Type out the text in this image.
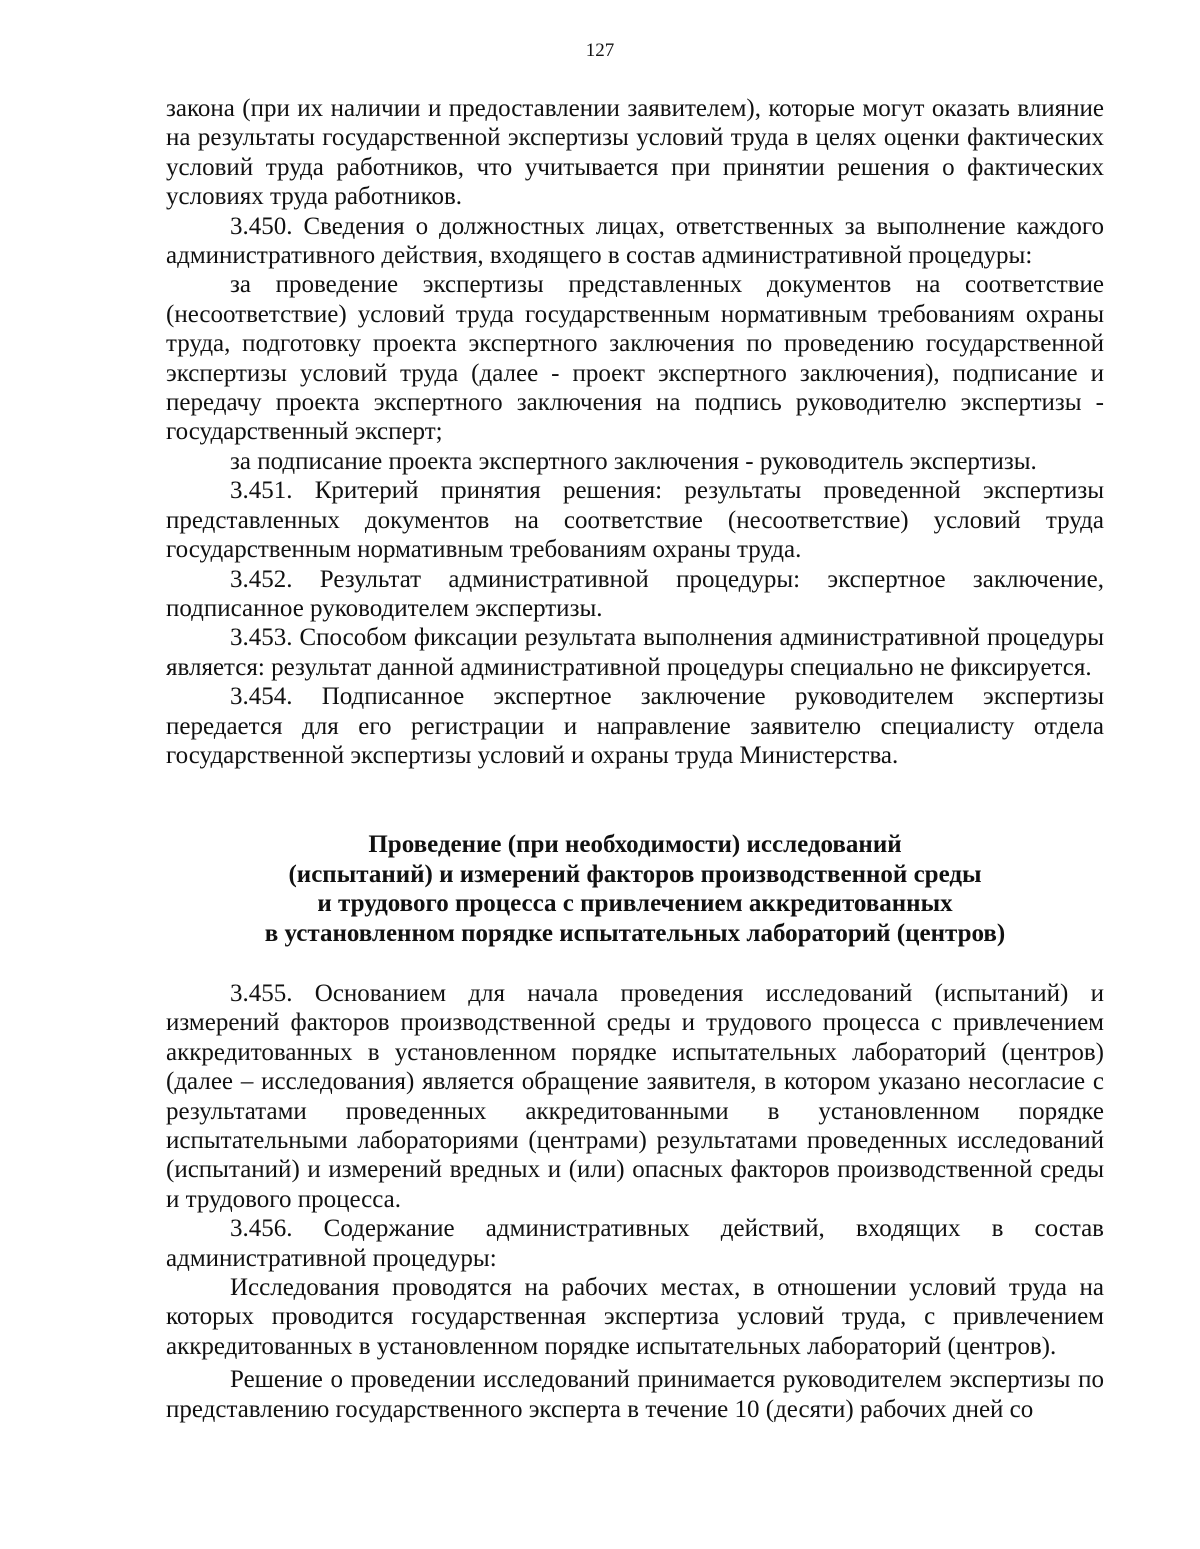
127

закона (при их наличии и предоставлении заявителем), которые могут оказать влияние на результаты государственной экспертизы условий труда в целях оценки фактических условий труда работников, что учитывается при принятии решения о фактических условиях труда работников.

3.450. Сведения о должностных лицах, ответственных за выполнение каждого административного действия, входящего в состав административной процедуры:

за проведение экспертизы представленных документов на соответствие (несоответствие) условий труда государственным нормативным требованиям охраны труда, подготовку проекта экспертного заключения по проведению государственной экспертизы условий труда (далее - проект экспертного заключения), подписание и передачу проекта экспертного заключения на подпись руководителю экспертизы - государственный эксперт;

за подписание проекта экспертного заключения - руководитель экспертизы.

3.451. Критерий принятия решения: результаты проведенной экспертизы представленных документов на соответствие (несоответствие) условий труда государственным нормативным требованиям охраны труда.

3.452. Результат административной процедуры: экспертное заключение, подписанное руководителем экспертизы.

3.453. Способом фиксации результата выполнения административной процедуры является: результат данной административной процедуры специально не фиксируется.

3.454. Подписанное экспертное заключение руководителем экспертизы передается для его регистрации и направление заявителю специалисту отдела государственной экспертизы условий и охраны труда Министерства.

Проведение (при необходимости) исследований
(испытаний) и измерений факторов производственной среды
и трудового процесса с привлечением аккредитованных
в установленном порядке испытательных лабораторий (центров)

3.455. Основанием для начала проведения исследований (испытаний) и измерений факторов производственной среды и трудового процесса с привлечением аккредитованных в установленном порядке испытательных лабораторий (центров) (далее – исследования) является обращение заявителя, в котором указано несогласие с результатами проведенных аккредитованными в установленном порядке испытательными лабораториями (центрами) результатами проведенных исследований (испытаний) и измерений вредных и (или) опасных факторов производственной среды и трудового процесса.

3.456. Содержание административных действий, входящих в состав административной процедуры:

Исследования проводятся на рабочих местах, в отношении условий труда на которых проводится государственная экспертиза условий труда, с привлечением аккредитованных в установленном порядке испытательных лабораторий (центров).

Решение о проведении исследований принимается руководителем экспертизы по представлению государственного эксперта в течение 10 (десяти) рабочих дней со
